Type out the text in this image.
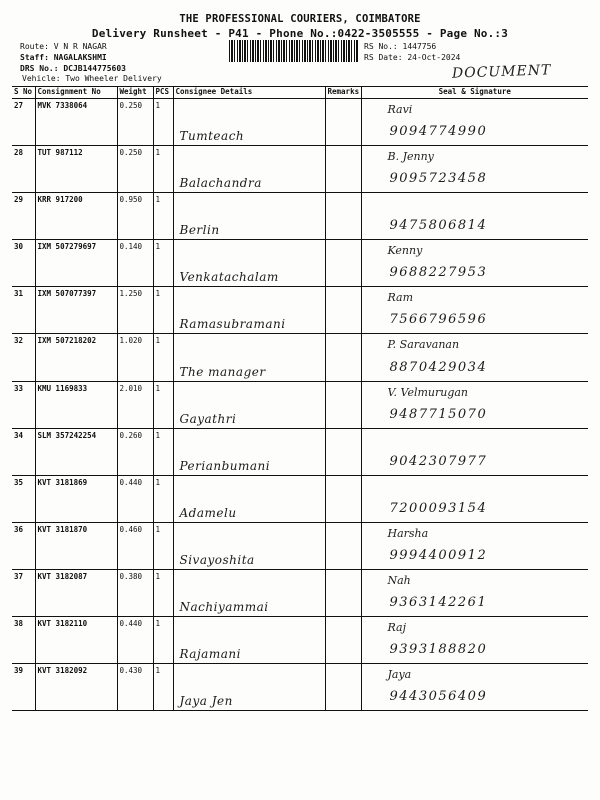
THE PROFESSIONAL COURIERS, COIMBATORE
Delivery Runsheet - P41 - Phone No.:0422-3505555 - Page No.:3
Route: V N R NAGAR
Staff: NAGALAKSHMI
DRS No.: DCJB144775603
Vehicle: Two Wheeler Delivery
RS No.: 1447756
RS Date: 24-Oct-2024
DOCUMENT
S No	Consignment No	Weight	PCS	Consignee Details	Remarks	Seal & Signature
27	MVK 7338064	0.250	1	Tumteach		Ravi
9094774990

28	TUT 987112	0.250	1	Balachandra		B. Jenny
9095723458

29	KRR 917200	0.950	1	Berlin		9475806814

30	IXM 507279697	0.140	1	Venkatachalam		Kenny
9688227953

31	IXM 507077397	1.250	1	Ramasubramani		Ram
7566796596

32	IXM 507218202	1.020	1	The manager		P. Saravanan
8870429034

33	KMU 1169833	2.010	1	Gayathri		V. Velmurugan
9487715070

34	SLM 357242254	0.260	1	Perianbumani		9042307977

35	KVT 3181869	0.440	1	Adamelu		7200093154

36	KVT 3181870	0.460	1	Sivayoshita		Harsha
9994400912

37	KVT 3182087	0.380	1	Nachiyammai		Nah
9363142261

38	KVT 3182110	0.440	1	Rajamani		Raj
9393188820

39	KVT 3182092	0.430	1	Jaya Jen		Jaya
9443056409
